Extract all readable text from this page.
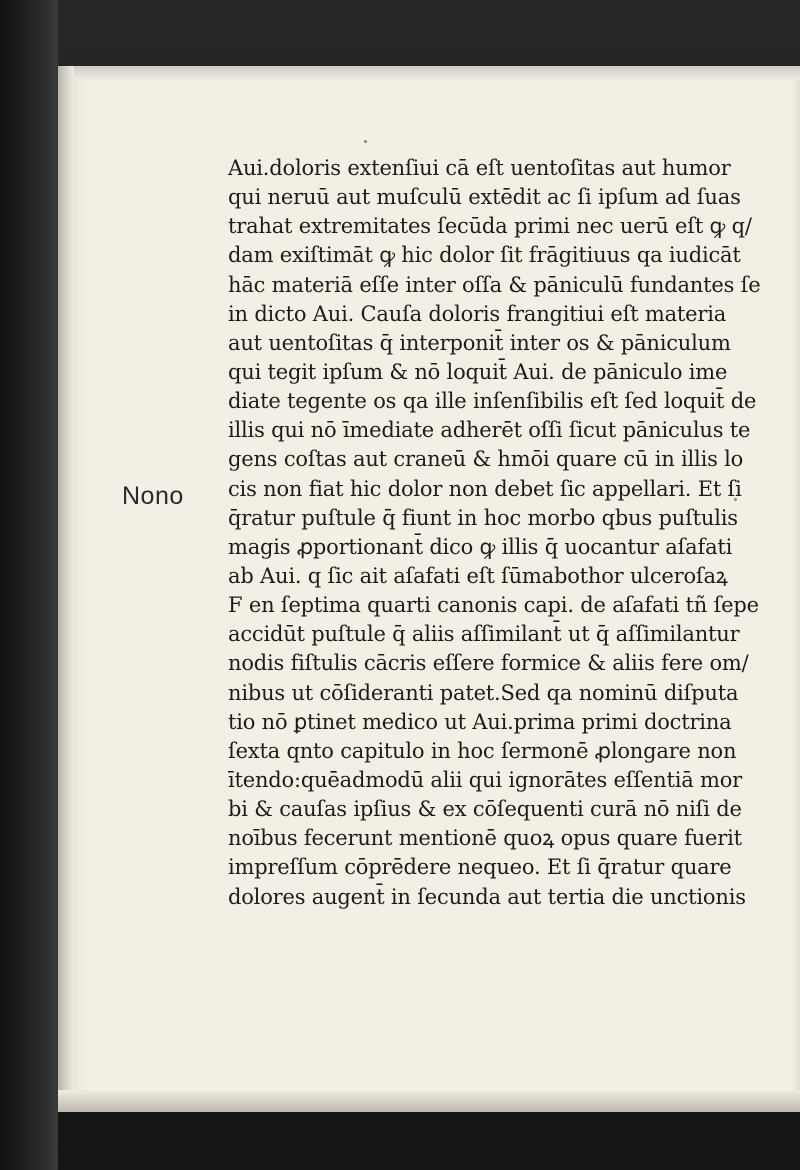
Nono
Aui.doloris extenſiui cā eſt uentoſitas aut humor
qui neruū aut muſculū extēdit ac ſi ipſum ad ſuas
trahat extremitates ſecūda primi nec uerū eſt ꝙ q/
dam exiſtimāt ꝙ hic dolor ſit frāgitiuus qa iudicāt
hāc materiā eſſe inter oſſa & pāniculū fundantes ſe
in dicto Aui. Cauſa doloris frangitiui eſt materia
aut uentoſitas q̄ interponit̄ inter os & pāniculum
qui tegit ipſum & nō loquit̄ Aui. de pāniculo ime
diate tegente os qa ille inſenſibilis eſt ſed loquit̄ de
illis qui nō īmediate adherēt oſſi ſicut pāniculus te
gens coſtas aut craneū & hmōi quare cū in illis lo
cis non fiat hic dolor non debet ſic appellari. Et ſi
q̄ratur puſtule q̄ fiunt in hoc morbo qbus puſtulis
magis ꝓportionant̄ dico ꝙ illis q̄ uocantur aſafati
ab Aui. q ſic ait aſafati eſt ſūmabothor ulceroſaꝝ
F en ſeptima quarti canonis capi. de aſafati tñ ſepe
accidūt puſtule q̄ aliis aſſimilant̄ ut q̄ aſſimilantur
nodis fiſtulis cācris eſſere formice & aliis fere om/
nibus ut cōſideranti patet.Sed qa nominū diſputa
tio nō ꝑtinet medico ut Aui.prima primi doctrina
ſexta qnto capitulo in hoc ſermonē ꝓlongare non
ītendo:quēadmodū alii qui ignorātes eſſentiā mor
bi & cauſas ipſius & ex cōſequenti curā nō niſi de
noībus fecerunt mentionē quoꝝ opus quare fuerit
impreſſum cōprēdere nequeo. Et ſi q̄ratur quare
dolores augent̄ in ſecunda aut tertia die unctionis
